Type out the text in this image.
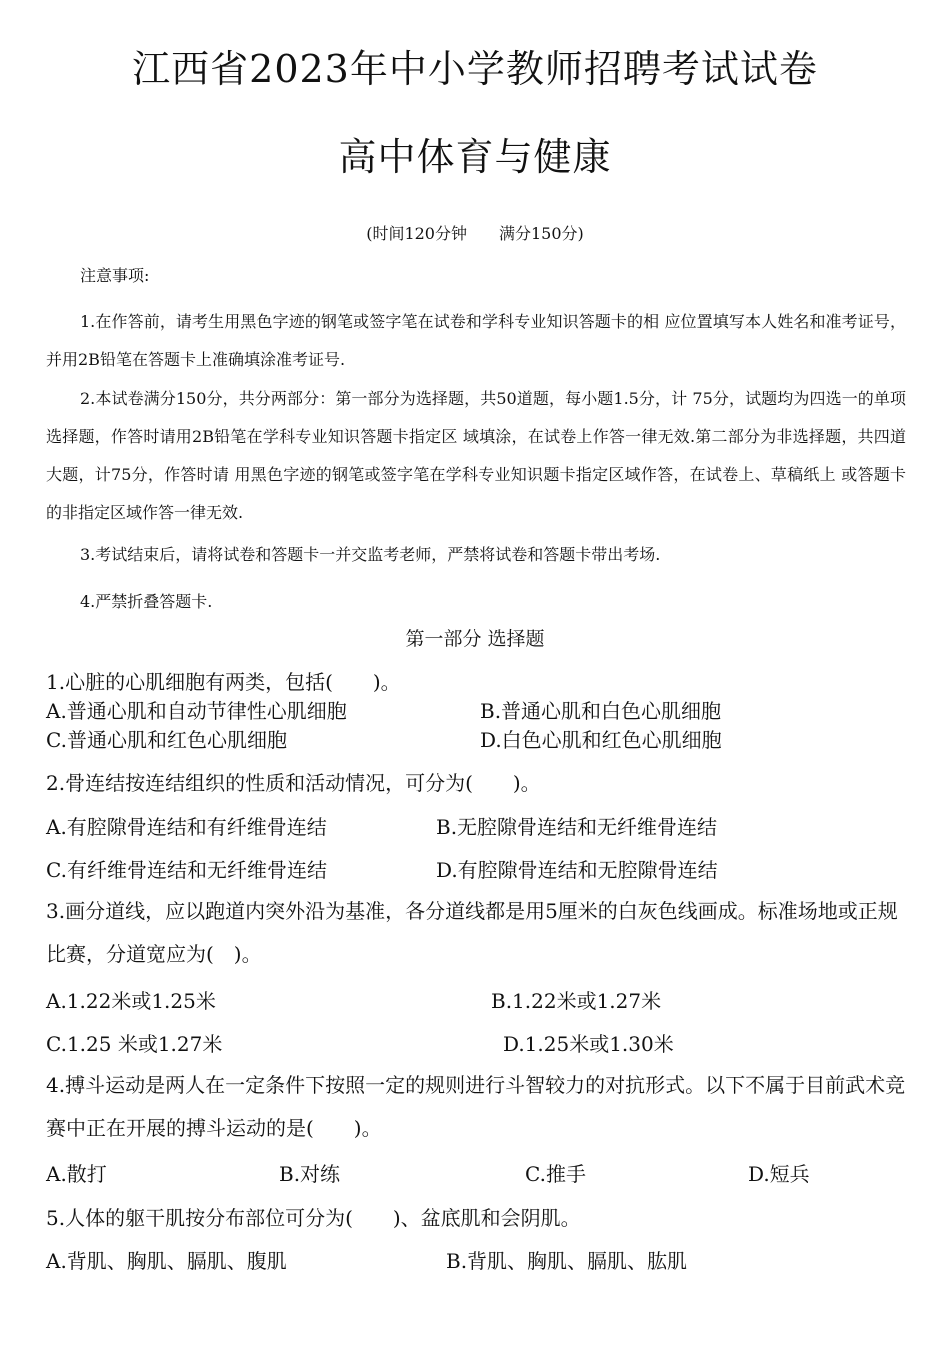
江西省2023年中小学教师招聘考试试卷
高中体育与健康
(时间120分钟　　满分150分)
注意事项:
1.在作答前，请考生用黑色字迹的钢笔或签字笔在试卷和学科专业知识答题卡的相 应位置填写本人姓名和准考证号，并用2B铅笔在答题卡上准确填涂准考证号.
2.本试卷满分150分，共分两部分：第一部分为选择题，共50道题，每小题1.5分，计 75分，试题均为四选一的单项选择题，作答时请用2B铅笔在学科专业知识答题卡指定区 域填涂，在试卷上作答一律无效.第二部分为非选择题，共四道大题，计75分，作答时请 用黑色字迹的钢笔或签字笔在学科专业知识题卡指定区域作答，在试卷上、草稿纸上 或答题卡的非指定区域作答一律无效.
3.考试结束后，请将试卷和答题卡一并交监考老师，严禁将试卷和答题卡带出考场.
4.严禁折叠答题卡.
第一部分 选择题
1.心脏的心肌细胞有两类，包括(　　)。
A.普通心肌和自动节律性心肌细胞	B.普通心肌和白色心肌细胞
C.普通心肌和红色心肌细胞	D.白色心肌和红色心肌细胞
2.骨连结按连结组织的性质和活动情况，可分为(　　)。
A.有腔隙骨连结和有纤维骨连结	B.无腔隙骨连结和无纤维骨连结
C.有纤维骨连结和无纤维骨连结	D.有腔隙骨连结和无腔隙骨连结
3.画分道线，应以跑道内突外沿为基准，各分道线都是用5厘米的白灰色线画成。标准场地或正规比赛，分道宽应为(　)。
A.1.22米或1.25米	B.1.22米或1.27米
C.1.25 米或1.27米	D.1.25米或1.30米
4.搏斗运动是两人在一定条件下按照一定的规则进行斗智较力的对抗形式。以下不属于目前武术竞赛中正在开展的搏斗运动的是(　　)。
A.散打	B.对练	C.推手	D.短兵
5.人体的躯干肌按分布部位可分为(　　)、盆底肌和会阴肌。
A.背肌、胸肌、膈肌、腹肌	B.背肌、胸肌、膈肌、肱肌
